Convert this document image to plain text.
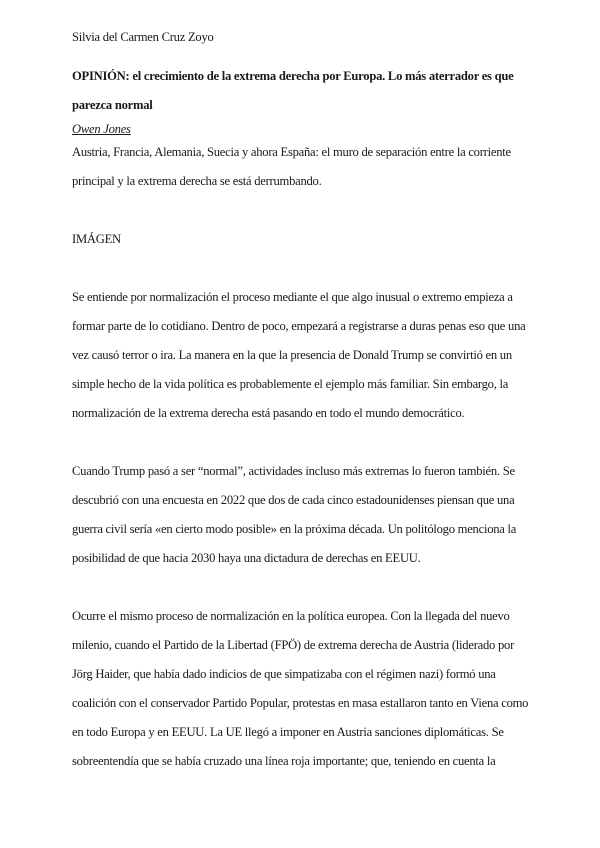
Silvia del Carmen Cruz Zoyo

OPINIÓN: el crecimiento de la extrema derecha por Europa. Lo más aterrador es que parezca normal

Owen Jones

Austria, Francia, Alemania, Suecia y ahora España: el muro de separación entre la corriente principal y la extrema derecha se está derrumbando.

IMÁGEN

Se entiende por normalización el proceso mediante el que algo inusual o extremo empieza a formar parte de lo cotidiano. Dentro de poco, empezará a registrarse a duras penas eso que una vez causó terror o ira. La manera en la que la presencia de Donald Trump se convirtió en un simple hecho de la vida política es probablemente el ejemplo más familiar. Sin embargo, la normalización de la extrema derecha está pasando en todo el mundo democrático.

Cuando Trump pasó a ser “normal”, actividades incluso más extremas lo fueron también. Se descubrió con una encuesta en 2022 que dos de cada cinco estadounidenses piensan que una guerra civil sería «en cierto modo posible» en la próxima década. Un politólogo menciona la posibilidad de que hacia 2030 haya una dictadura de derechas en EEUU.

Ocurre el mismo proceso de normalización en la política europea. Con la llegada del nuevo milenio, cuando el Partido de la Libertad (FPÖ) de extrema derecha de Austria (liderado por Jörg Haider, que había dado indicios de que simpatizaba con el régimen nazi) formó una coalición con el conservador Partido Popular, protestas en masa estallaron tanto en Viena como en todo Europa y en EEUU. La UE llegó a imponer en Austria sanciones diplomáticas. Se sobreentendía que se había cruzado una línea roja importante; que, teniendo en cuenta la
